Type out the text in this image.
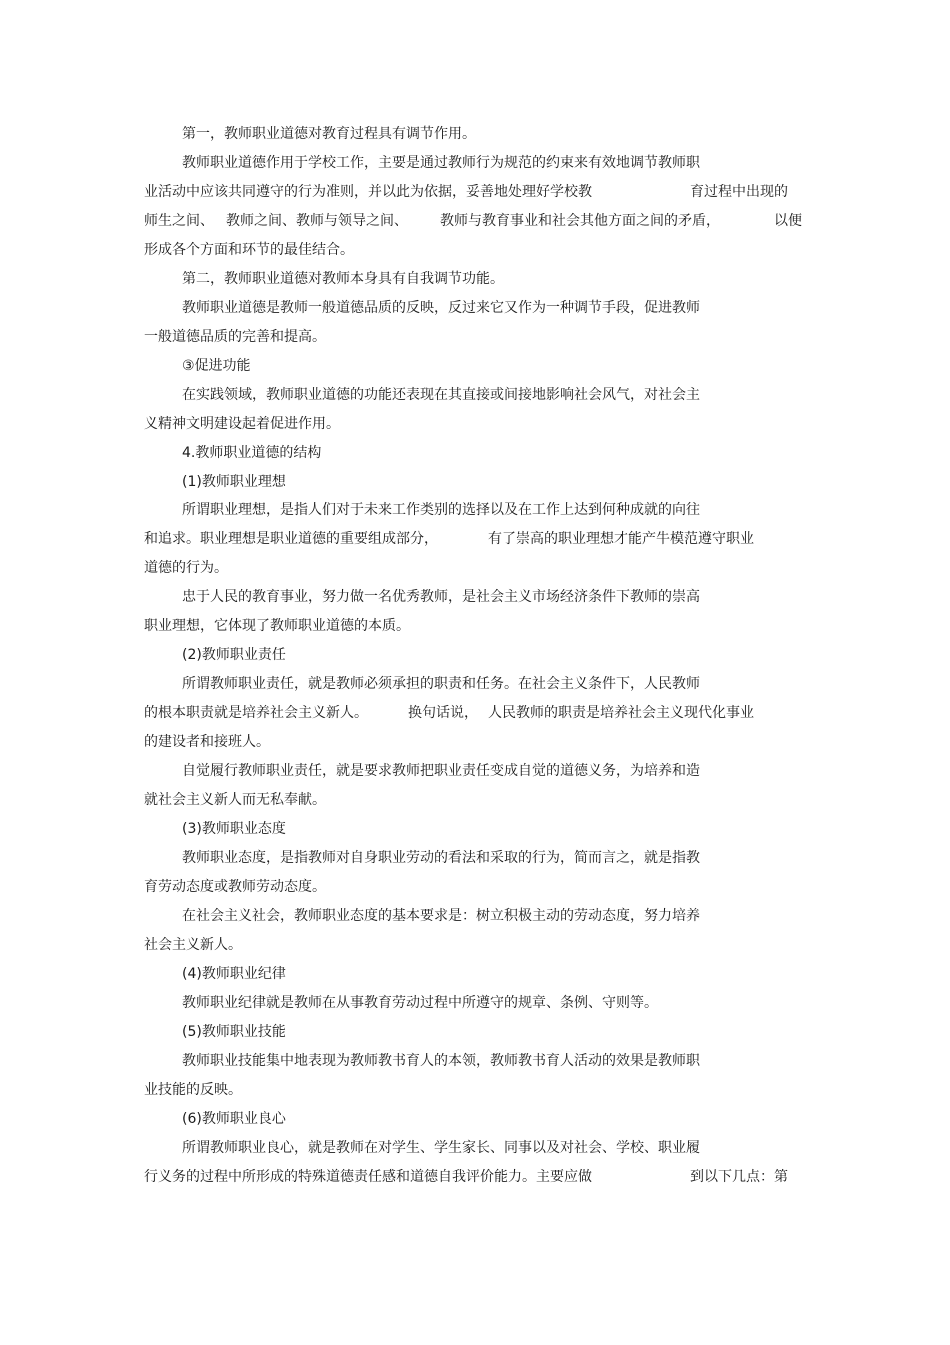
第一，教师职业道德对教育过程具有调节作用。
教师职业道德作用于学校工作，主要是通过教师行为规范的约束来有效地调节教师职
业活动中应该共同遵守的行为准则，并以此为依据，妥善地处理好学校教	育过程中出现的
师生之间、 教师之间、教师与领导之间、 教师与教育事业和社会其他方面之间的矛盾，	以便
形成各个方面和环节的最佳结合。
第二，教师职业道德对教师本身具有自我调节功能。
教师职业道德是教师一般道德品质的反映，反过来它又作为一种调节手段，促进教师
一般道德品质的完善和提高。
③促进功能
在实践领域，教师职业道德的功能还表现在其直接或间接地影响社会风气，对社会主
义精神文明建设起着促进作用。
4.教师职业道德的结构
(1)教师职业理想
所谓职业理想，是指人们对于未来工作类别的选择以及在工作上达到何种成就的向往
和追求。职业理想是职业道德的重要组成部分，	有了崇高的职业理想才能产牛模范遵守职业
道德的行为。
忠于人民的教育事业，努力做一名优秀教师，是社会主义市场经济条件下教师的崇高
职业理想，它体现了教师职业道德的本质。
(2)教师职业责任
所谓教师职业责任，就是教师必须承担的职责和任务。在社会主义条件下，人民教师
的根本职责就是培养社会主义新人。	换句话说， 人民教师的职责是培养社会主义现代化事业
的建设者和接班人。
自觉履行教师职业责任，就是要求教师把职业责任变成自觉的道德义务，为培养和造
就社会主义新人而无私奉献。
(3)教师职业态度
教师职业态度，是指教师对自身职业劳动的看法和采取的行为，简而言之，就是指教
育劳动态度或教师劳动态度。
在社会主义社会，教师职业态度的基本要求是：树立积极主动的劳动态度，努力培养
社会主义新人。
(4)教师职业纪律
教师职业纪律就是教师在从事教育劳动过程中所遵守的规章、条例、守则等。
(5)教师职业技能
教师职业技能集中地表现为教师教书育人的本领，教师教书育人活动的效果是教师职
业技能的反映。
(6)教师职业良心
所谓教师职业良心，就是教师在对学生、学生家长、同事以及对社会、学校、职业履
行义务的过程中所形成的特殊道德责任感和道德自我评价能力。主要应做	到以下几点：第
